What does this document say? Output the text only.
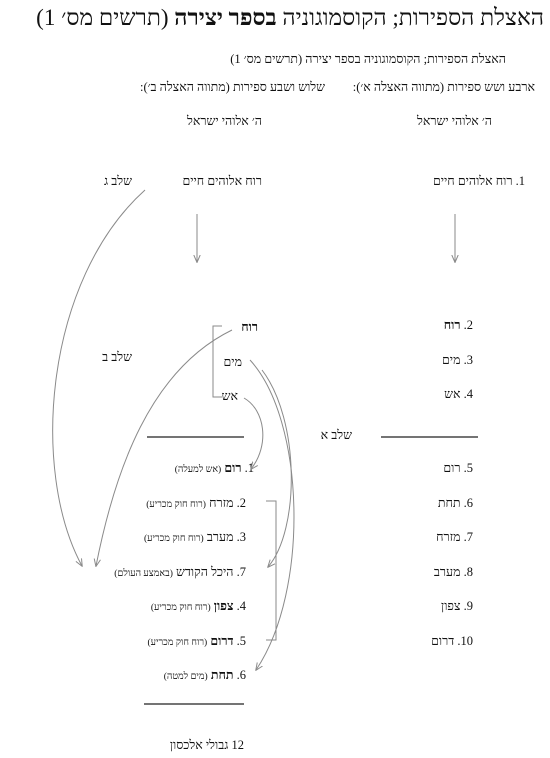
האצלת הספירות; הקוסמוגוניה בספר יצירה (תרשים מס׳ 1)
האצלת הספירות; הקוסמוגוניה בספר יצירה (תרשים מס׳ 1)
ארבע ושש ספירות (מתווה האצלה א׳):
שלוש ושבע ספירות (מתווה האצלה ב׳):
ה׳ אלוהי ישראל
ה׳ אלוהי ישראל
שלב ג
שלב ב
שלב א
רוח אלוהים חיים
רוח
מים
אש
1. רוח אלוהים חיים
2. רוח
3. מים
4. אש
5. רום
6. תחת
7. מזרח
8. מערב
9. צפון
10. דרום
1. רום (אש למעלה)
2. מזרח (רוח חוק מכריע)
3. מערב (רוח חוק מכריע)
7. היכל הקודש (באמצע העולם)
4. צפון (רוח חוק מכריע)
5. דרום (רוח חוק מכריע)
6. תחת (מים למטה)
12 גבולי אלכסון
